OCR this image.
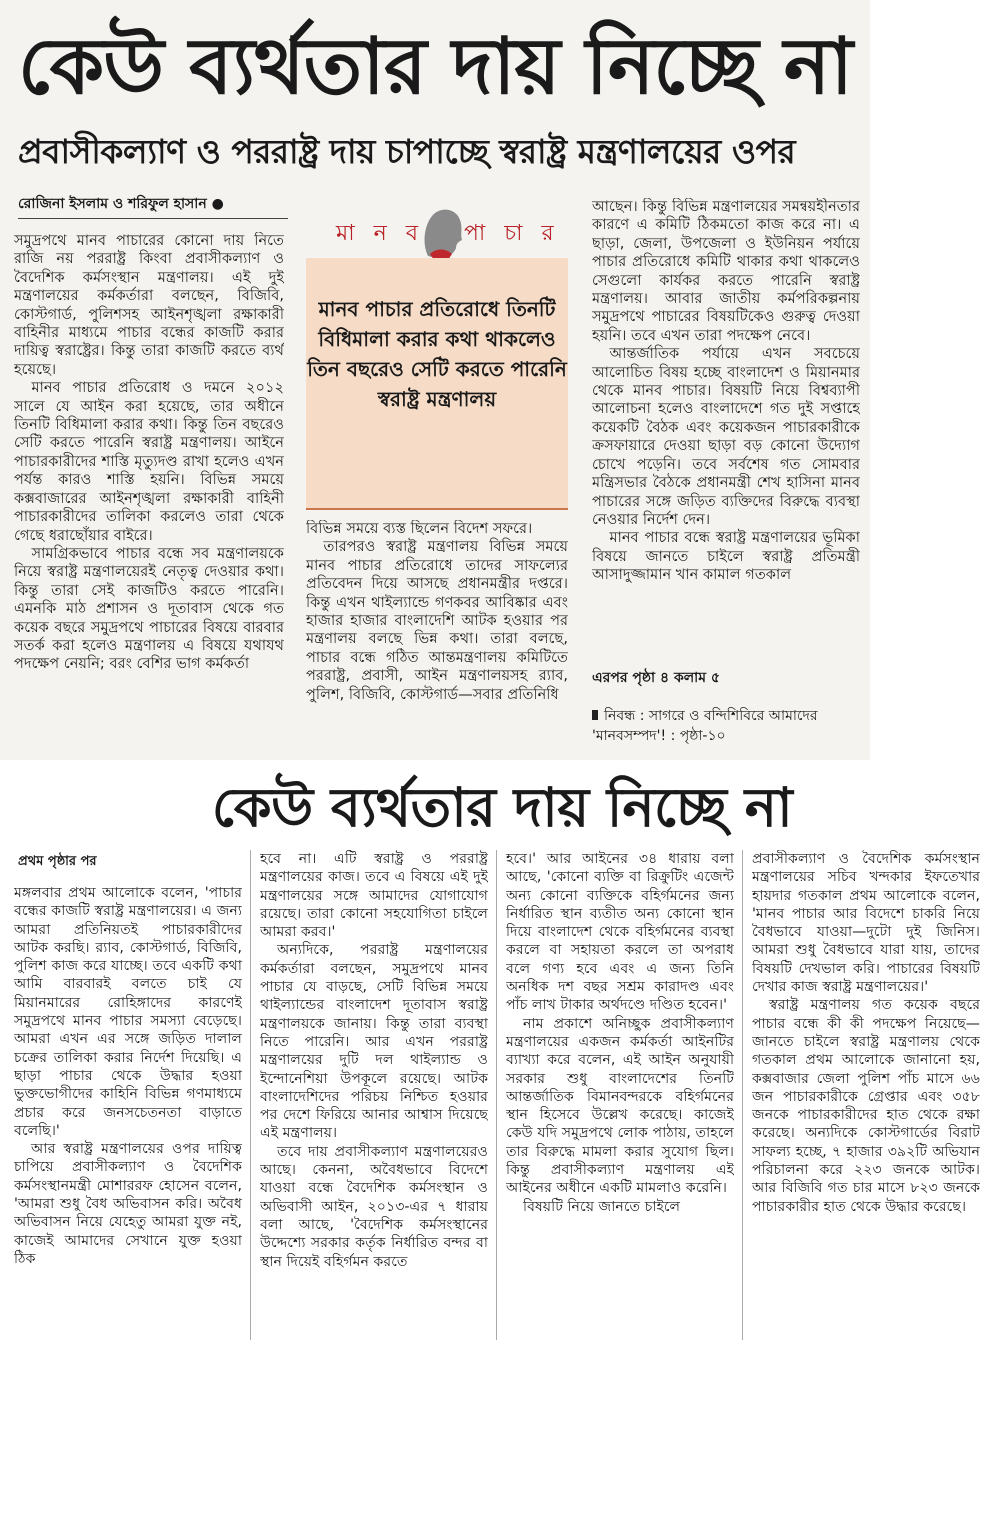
কেউ ব্যর্থতার দায় নিচ্ছে না
প্রবাসীকল্যাণ ও পররাষ্ট্র দায় চাপাচ্ছে স্বরাষ্ট্র মন্ত্রণালয়ের ওপর
রোজিনা ইসলাম ও শরিফুল হাসান ●

সমুদ্রপথে মানব পাচারের কোনো দায় নিতে রাজি নয় পররাষ্ট্র কিংবা প্রবাসীকল্যাণ ও বৈদেশিক কর্মসংস্থান মন্ত্রণালয়। এই দুই মন্ত্রণালয়ের কর্মকর্তারা বলছেন, বিজিবি, কোস্টগার্ড, পুলিশসহ আইনশৃঙ্খলা রক্ষাকারী বাহিনীর মাধ্যমে পাচার বন্ধের কাজটি করার দায়িত্ব স্বরাষ্ট্রের। কিন্তু তারা কাজটি করতে ব্যর্থ হয়েছে।

মানব পাচার প্রতিরোধ ও দমনে ২০১২ সালে যে আইন করা হয়েছে, তার অধীনে তিনটি বিধিমালা করার কথা। কিন্তু তিন বছরেও সেটি করতে পারেনি স্বরাষ্ট্র মন্ত্রণালয়। আইনে পাচারকারীদের শাস্তি মৃত্যুদণ্ড রাখা হলেও এখন পর্যন্ত কারও শাস্তি হয়নি। বিভিন্ন সময়ে কক্সবাজারের আইনশৃঙ্খলা রক্ষাকারী বাহিনী পাচারকারীদের তালিকা করলেও তারা থেকে গেছে ধরাছোঁয়ার বাইরে।

সামগ্রিকভাবে পাচার বন্ধে সব মন্ত্রণালয়কে নিয়ে স্বরাষ্ট্র মন্ত্রণালয়েরই নেতৃত্ব দেওয়ার কথা। কিন্তু তারা সেই কাজটিও করতে পারেনি। এমনকি মাঠ প্রশাসন ও দূতাবাস থেকে গত কয়েক বছরে সমুদ্রপথে পাচারের বিষয়ে বারবার সতর্ক করা হলেও মন্ত্রণালয় এ বিষয়ে যথাযথ পদক্ষেপ নেয়নি; বরং বেশির ভাগ কর্মকর্তা

মা ন ব পা চা র
মানব পাচার প্রতিরোধে তিনটি বিধিমালা করার কথা থাকলেও তিন বছরেও সেটি করতে পারেনি স্বরাষ্ট্র মন্ত্রণালয়

বিভিন্ন সময়ে ব্যস্ত ছিলেন বিদেশ সফরে।

তারপরও স্বরাষ্ট্র মন্ত্রণালয় বিভিন্ন সময়ে মানব পাচার প্রতিরোধে তাদের সাফল্যের প্রতিবেদন দিয়ে আসছে প্রধানমন্ত্রীর দপ্তরে। কিন্তু এখন থাইল্যান্ডে গণকবর আবিষ্কার এবং হাজার হাজার বাংলাদেশি আটক হওয়ার পর মন্ত্রণালয় বলছে ভিন্ন কথা। তারা বলছে, পাচার বন্ধে গঠিত আন্তমন্ত্রণালয় কমিটিতে পররাষ্ট্র, প্রবাসী, আইন মন্ত্রণালয়সহ র‍্যাব, পুলিশ, বিজিবি, কোস্টগার্ড—সবার প্রতিনিধি

আছেন। কিন্তু বিভিন্ন মন্ত্রণালয়ের সমন্বয়হীনতার কারণে এ কমিটি ঠিকমতো কাজ করে না। এ ছাড়া, জেলা, উপজেলা ও ইউনিয়ন পর্যায়ে পাচার প্রতিরোধে কমিটি থাকার কথা থাকলেও সেগুলো কার্যকর করতে পারেনি স্বরাষ্ট্র মন্ত্রণালয়। আবার জাতীয় কর্মপরিকল্পনায় সমুদ্রপথে পাচারের বিষয়টিকেও গুরুত্ব দেওয়া হয়নি। তবে এখন তারা পদক্ষেপ নেবে।

আন্তর্জাতিক পর্যায়ে এখন সবচেয়ে আলোচিত বিষয় হচ্ছে বাংলাদেশ ও মিয়ানমার থেকে মানব পাচার। বিষয়টি নিয়ে বিশ্বব্যাপী আলোচনা হলেও বাংলাদেশে গত দুই সপ্তাহে কয়েকটি বৈঠক এবং কয়েকজন পাচারকারীকে ক্রসফায়ারে দেওয়া ছাড়া বড় কোনো উদ্যোগ চোখে পড়েনি। তবে সর্বশেষ গত সোমবার মন্ত্রিসভার বৈঠকে প্রধানমন্ত্রী শেখ হাসিনা মানব পাচারের সঙ্গে জড়িত ব্যক্তিদের বিরুদ্ধে ব্যবস্থা নেওয়ার নির্দেশ দেন।

মানব পাচার বন্ধে স্বরাষ্ট্র মন্ত্রণালয়ের ভূমিকা বিষয়ে জানতে চাইলে স্বরাষ্ট্র প্রতিমন্ত্রী আসাদুজ্জামান খান কামাল গতকাল

এরপর পৃষ্ঠা ৪ কলাম ৫
নিবন্ধ : সাগরে ও বন্দিশিবিরে আমাদের 'মানবসম্পদ'! : পৃষ্ঠা-১০
কেউ ব্যর্থতার দায় নিচ্ছে না
প্রথম পৃষ্ঠার পর

মঙ্গলবার প্রথম আলোকে বলেন, 'পাচার বন্ধের কাজটি স্বরাষ্ট্র মন্ত্রণালয়ের। এ জন্য আমরা প্রতিনিয়তই পাচারকারীদের আটক করছি। র‍্যাব, কোস্টগার্ড, বিজিবি, পুলিশ কাজ করে যাচ্ছে। তবে একটি কথা আমি বারবারই বলতে চাই যে মিয়ানমারের রোহিঙ্গাদের কারণেই সমুদ্রপথে মানব পাচার সমস্যা বেড়েছে। আমরা এখন এর সঙ্গে জড়িত দালাল চক্রের তালিকা করার নির্দেশ দিয়েছি। এ ছাড়া পাচার থেকে উদ্ধার হওয়া ভুক্তভোগীদের কাহিনি বিভিন্ন গণমাধ্যমে প্রচার করে জনসচেতনতা বাড়াতে বলেছি।'

আর স্বরাষ্ট্র মন্ত্রণালয়ের ওপর দায়িত্ব চাপিয়ে প্রবাসীকল্যাণ ও বৈদেশিক কর্মসংস্থানমন্ত্রী মোশাররফ হোসেন বলেন, 'আমরা শুধু বৈধ অভিবাসন করি। অবৈধ অভিবাসন নিয়ে যেহেতু আমরা যুক্ত নই, কাজেই আমাদের সেখানে যুক্ত হওয়া ঠিক

হবে না। এটি স্বরাষ্ট্র ও পররাষ্ট্র মন্ত্রণালয়ের কাজ। তবে এ বিষয়ে এই দুই মন্ত্রণালয়ের সঙ্গে আমাদের যোগাযোগ রয়েছে। তারা কোনো সহযোগিতা চাইলে আমরা করব।'

অন্যদিকে, পররাষ্ট্র মন্ত্রণালয়ের কর্মকর্তারা বলছেন, সমুদ্রপথে মানব পাচার যে বাড়ছে, সেটি বিভিন্ন সময়ে থাইল্যান্ডের বাংলাদেশ দূতাবাস স্বরাষ্ট্র মন্ত্রণালয়কে জানায়। কিন্তু তারা ব্যবস্থা নিতে পারেনি। আর এখন পররাষ্ট্র মন্ত্রণালয়ের দুটি দল থাইল্যান্ড ও ইন্দোনেশিয়া উপকূলে রয়েছে। আটক বাংলাদেশিদের পরিচয় নিশ্চিত হওয়ার পর দেশে ফিরিয়ে আনার আশ্বাস দিয়েছে এই মন্ত্রণালয়।

তবে দায় প্রবাসীকল্যাণ মন্ত্রণালয়েরও আছে। কেননা, অবৈধভাবে বিদেশে যাওয়া বন্ধে বৈদেশিক কর্মসংস্থান ও অভিবাসী আইন, ২০১৩-এর ৭ ধারায় বলা আছে, 'বৈদেশিক কর্মসংস্থানের উদ্দেশ্যে সরকার কর্তৃক নির্ধারিত বন্দর বা স্থান দিয়েই বহির্গমন করতে

হবে।' আর আইনের ৩৪ ধারায় বলা আছে, 'কোনো ব্যক্তি বা রিক্রুটিং এজেন্ট অন্য কোনো ব্যক্তিকে বহির্গমনের জন্য নির্ধারিত স্থান ব্যতীত অন্য কোনো স্থান দিয়ে বাংলাদেশ থেকে বহির্গমনের ব্যবস্থা করলে বা সহায়তা করলে তা অপরাধ বলে গণ্য হবে এবং এ জন্য তিনি অনধিক দশ বছর সশ্রম কারাদণ্ড এবং পাঁচ লাখ টাকার অর্থদণ্ডে দণ্ডিত হবেন।'

নাম প্রকাশে অনিচ্ছুক প্রবাসীকল্যাণ মন্ত্রণালয়ের একজন কর্মকর্তা আইনটির ব্যাখ্যা করে বলেন, এই আইন অনুযায়ী সরকার শুধু বাংলাদেশের তিনটি আন্তর্জাতিক বিমানবন্দরকে বহির্গমনের স্থান হিসেবে উল্লেখ করেছে। কাজেই কেউ যদি সমুদ্রপথে লোক পাঠায়, তাহলে তার বিরুদ্ধে মামলা করার সুযোগ ছিল। কিন্তু প্রবাসীকল্যাণ মন্ত্রণালয় এই আইনের অধীনে একটি মামলাও করেনি।

বিষয়টি নিয়ে জানতে চাইলে

প্রবাসীকল্যাণ ও বৈদেশিক কর্মসংস্থান মন্ত্রণালয়ের সচিব খন্দকার ইফতেখার হায়দার গতকাল প্রথম আলোকে বলেন, 'মানব পাচার আর বিদেশে চাকরি নিয়ে বৈধভাবে যাওয়া—দুটো দুই জিনিস। আমরা শুধু বৈধভাবে যারা যায়, তাদের বিষয়টি দেখভাল করি। পাচারের বিষয়টি দেখার কাজ স্বরাষ্ট্র মন্ত্রণালয়ের।'

স্বরাষ্ট্র মন্ত্রণালয় গত কয়েক বছরে পাচার বন্ধে কী কী পদক্ষেপ নিয়েছে—জানতে চাইলে স্বরাষ্ট্র মন্ত্রণালয় থেকে গতকাল প্রথম আলোকে জানানো হয়, কক্সবাজার জেলা পুলিশ পাঁচ মাসে ৬৬ জন পাচারকারীকে গ্রেপ্তার এবং ৩৫৮ জনকে পাচারকারীদের হাত থেকে রক্ষা করেছে। অন্যদিকে কোস্টগার্ডের বিরাট সাফল্য হচ্ছে, ৭ হাজার ৩৯২টি অভিযান পরিচালনা করে ২২৩ জনকে আটক। আর বিজিবি গত চার মাসে ৮২৩ জনকে পাচারকারীর হাত থেকে উদ্ধার করেছে।
